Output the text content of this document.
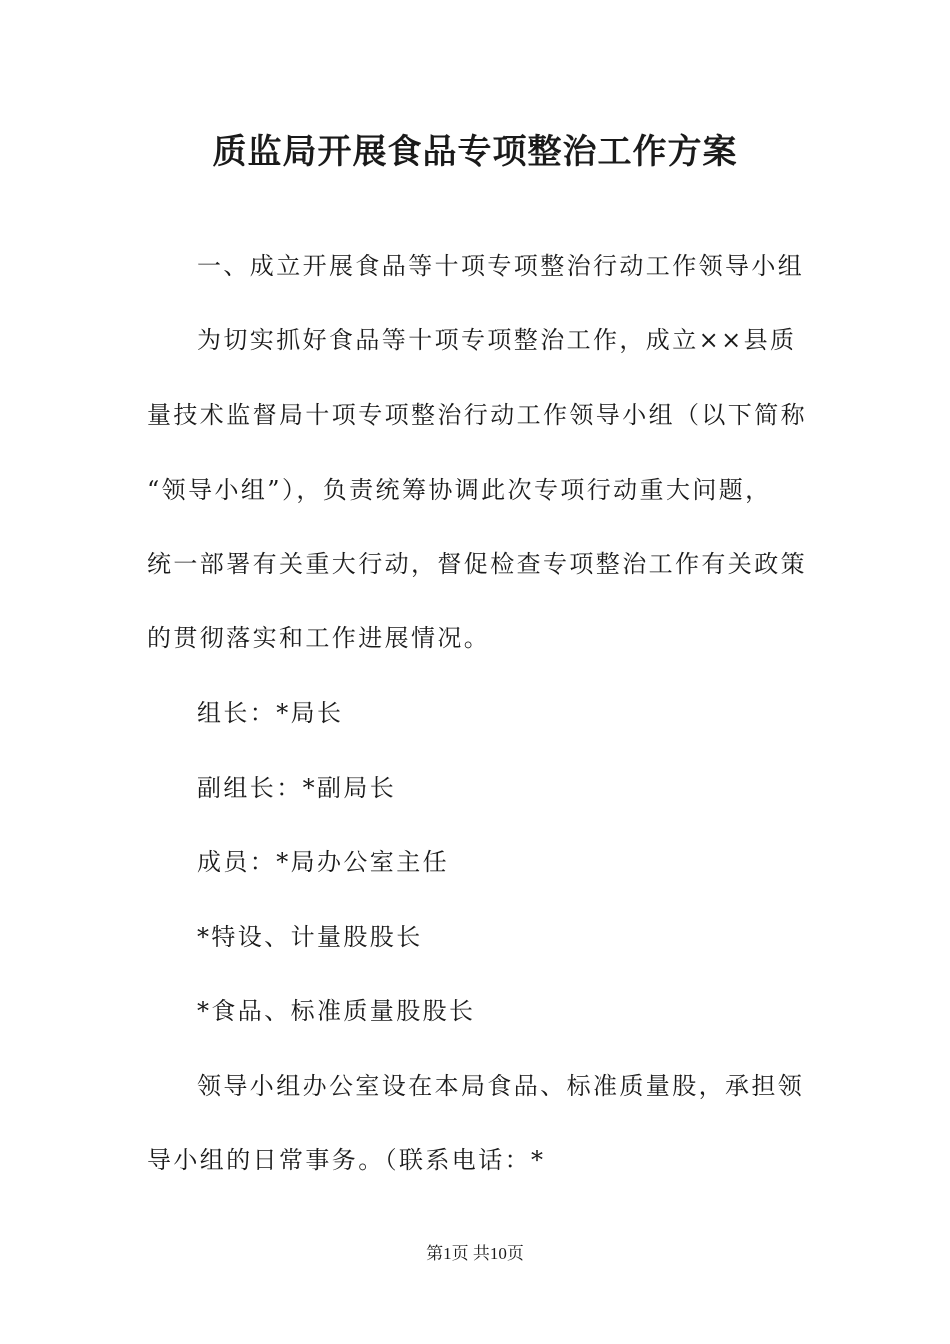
质监局开展食品专项整治工作方案
一、成立开展食品等十项专项整治行动工作领导小组
为切实抓好食品等十项专项整治工作，成立××县质
量技术监督局十项专项整治行动工作领导小组（以下简称
“领导小组”），负责统筹协调此次专项行动重大问题，
统一部署有关重大行动，督促检查专项整治工作有关政策
的贯彻落实和工作进展情况。
组长：*局长
副组长：*副局长
成员：*局办公室主任
*特设、计量股股长
*食品、标准质量股股长
领导小组办公室设在本局食品、标准质量股，承担领
导小组的日常事务。（联系电话：*
第1页 共10页
